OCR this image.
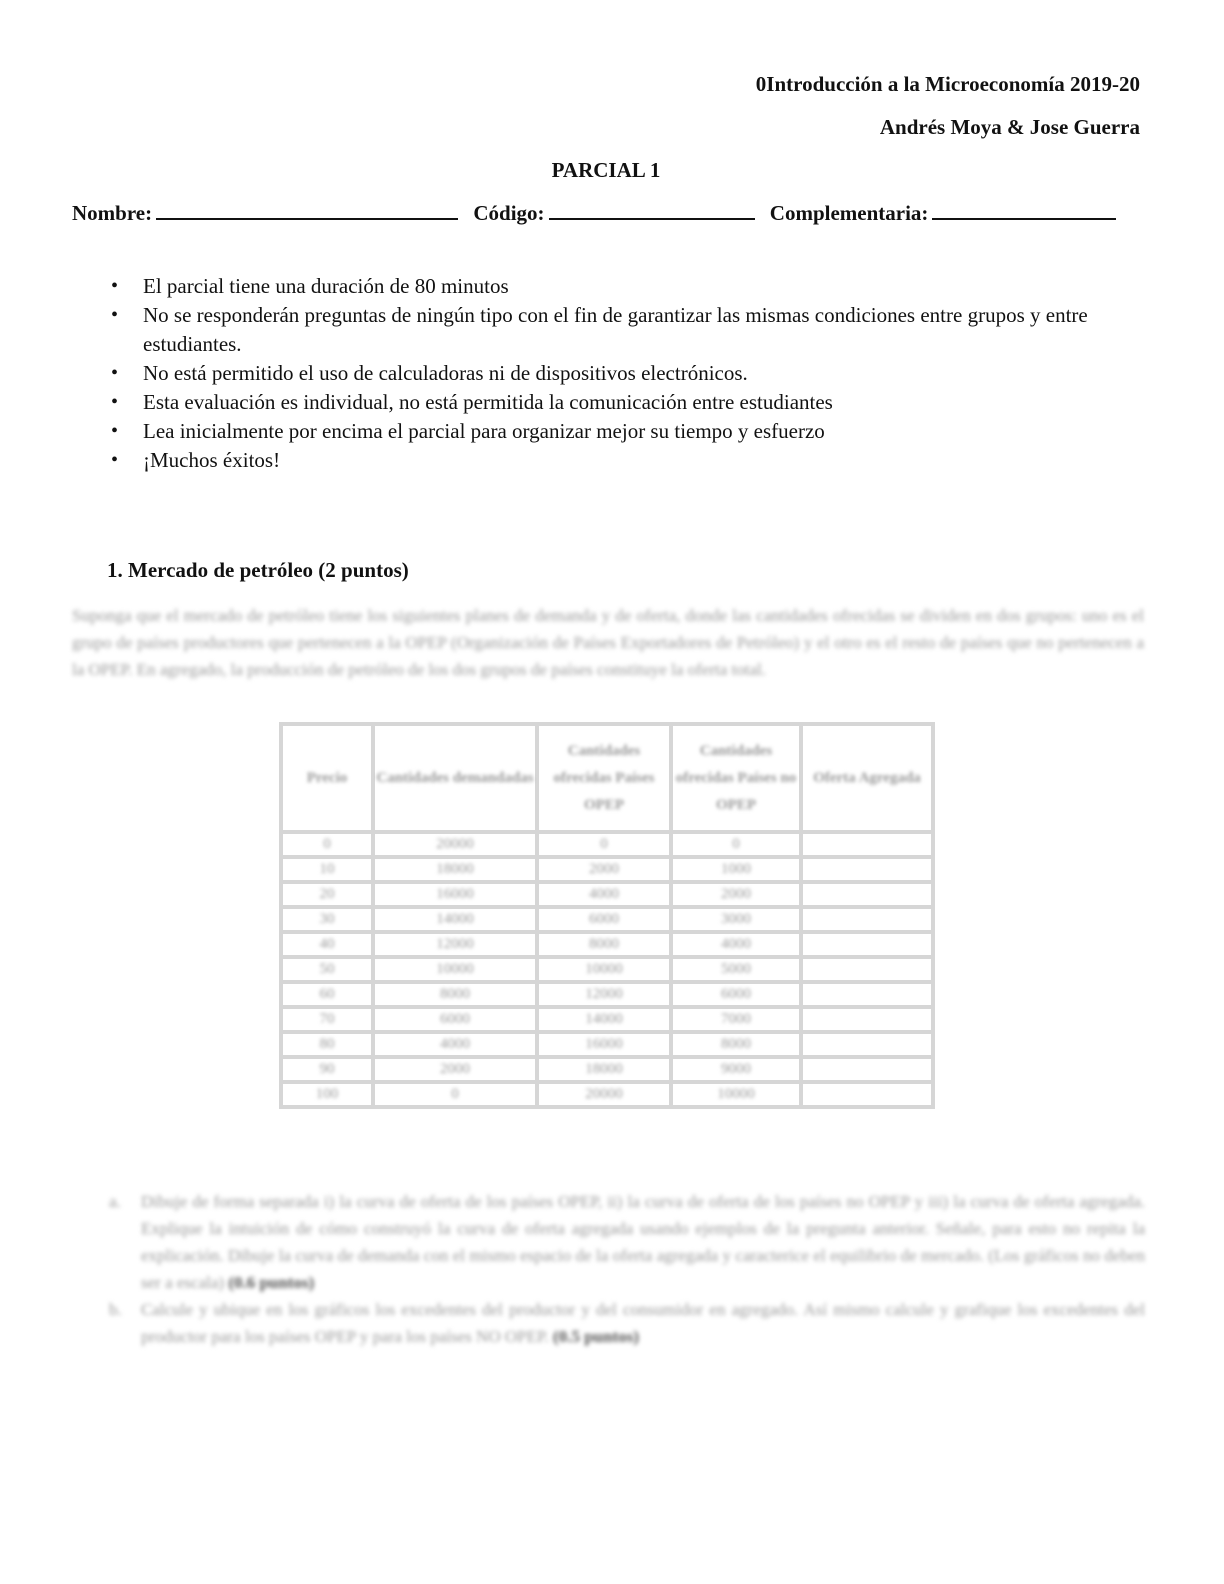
0Introducción a la Microeconomía 2019-20
Andrés Moya & Jose Guerra
PARCIAL 1
Nombre:	Código:	Complementaria:
• El parcial tiene una duración de 80 minutos
• No se responderán preguntas de ningún tipo con el fin de garantizar las mismas condiciones entre grupos y entre estudiantes.
• No está permitido el uso de calculadoras ni de dispositivos electrónicos.
• Esta evaluación es individual, no está permitida la comunicación entre estudiantes
• Lea inicialmente por encima el parcial para organizar mejor su tiempo y esfuerzo
• ¡Muchos éxitos!
1. Mercado de petróleo (2 puntos)
Suponga que el mercado de petróleo tiene los siguientes planes de demanda y de oferta, donde las cantidades ofrecidas se dividen en dos grupos: uno es el grupo de países productores que pertenecen a la OPEP (Organización de Países Exportadores de Petróleo) y el otro es el resto de países que no pertenecen a la OPEP. En agregado, la producción de petróleo de los dos grupos de países constituye la oferta total.
Precio	Cantidades demandadas	Cantidades ofrecidas Países OPEP	Cantidades ofrecidas Países no OPEP	Oferta Agregada
0	20000	0	0	
10	18000	2000	1000	
20	16000	4000	2000	
30	14000	6000	3000	
40	12000	8000	4000	
50	10000	10000	5000	
60	8000	12000	6000	
70	6000	14000	7000	
80	4000	16000	8000	
90	2000	18000	9000	
100	0	20000	10000	
a. Dibuje de forma separada i) la curva de oferta de los países OPEP, ii) la curva de oferta de los países no OPEP y iii) la curva de oferta agregada. Explique la intuición de cómo construyó la curva de oferta agregada usando ejemplos de la pregunta anterior. Señale, para esto no repita la explicación. Dibuje la curva de demanda con el mismo espacio de la oferta agregada y caracterice el equilibrio de mercado. (Los gráficos no deben ser a escala) (0.6 puntos)
b. Calcule y ubique en los gráficos los excedentes del productor y del consumidor en agregado. Así mismo calcule y grafique los excedentes del productor para los países OPEP y para los países NO OPEP. (0.5 puntos)
